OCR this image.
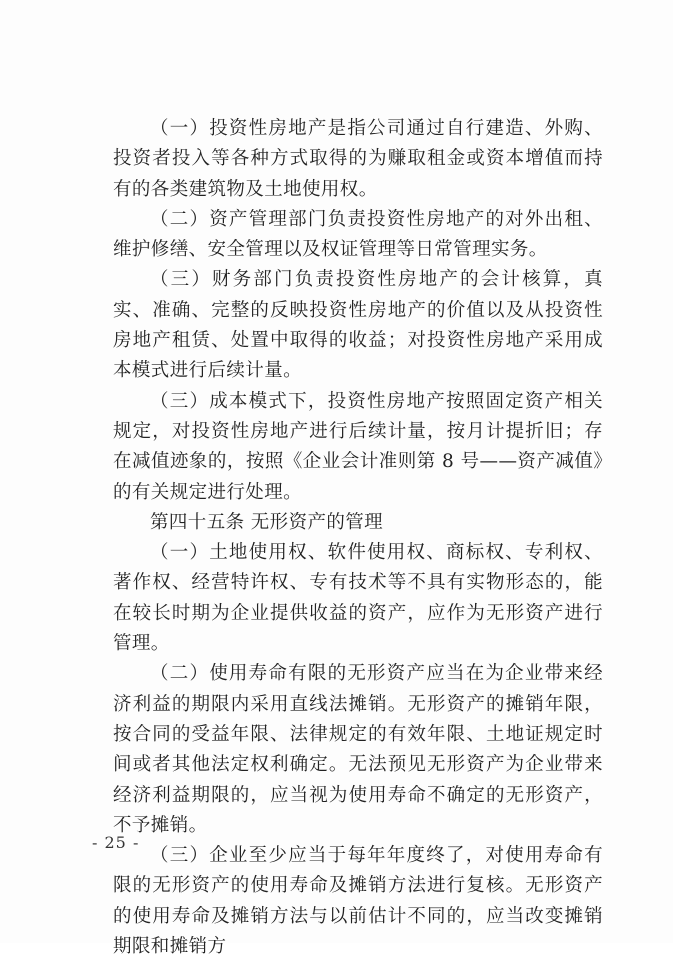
（一）投资性房地产是指公司通过自行建造、外购、投资者投入等各种方式取得的为赚取租金或资本增值而持有的各类建筑物及土地使用权。

（二）资产管理部门负责投资性房地产的对外出租、维护修缮、安全管理以及权证管理等日常管理实务。

（三）财务部门负责投资性房地产的会计核算，真实、准确、完整的反映投资性房地产的价值以及从投资性房地产租赁、处置中取得的收益；对投资性房地产采用成本模式进行后续计量。

（三）成本模式下，投资性房地产按照固定资产相关规定，对投资性房地产进行后续计量，按月计提折旧；存在减值迹象的，按照《企业会计准则第 8 号——资产减值》的有关规定进行处理。

第四十五条 无形资产的管理

（一）土地使用权、软件使用权、商标权、专利权、著作权、经营特许权、专有技术等不具有实物形态的，能在较长时期为企业提供收益的资产，应作为无形资产进行管理。

（二）使用寿命有限的无形资产应当在为企业带来经济利益的期限内采用直线法摊销。无形资产的摊销年限，按合同的受益年限、法律规定的有效年限、土地证规定时间或者其他法定权利确定。无法预见无形资产为企业带来经济利益期限的，应当视为使用寿命不确定的无形资产，不予摊销。

（三）企业至少应当于每年年度终了，对使用寿命有限的无形资产的使用寿命及摊销方法进行复核。无形资产的使用寿命及摊销方法与以前估计不同的，应当改变摊销期限和摊销方

- 25 -
